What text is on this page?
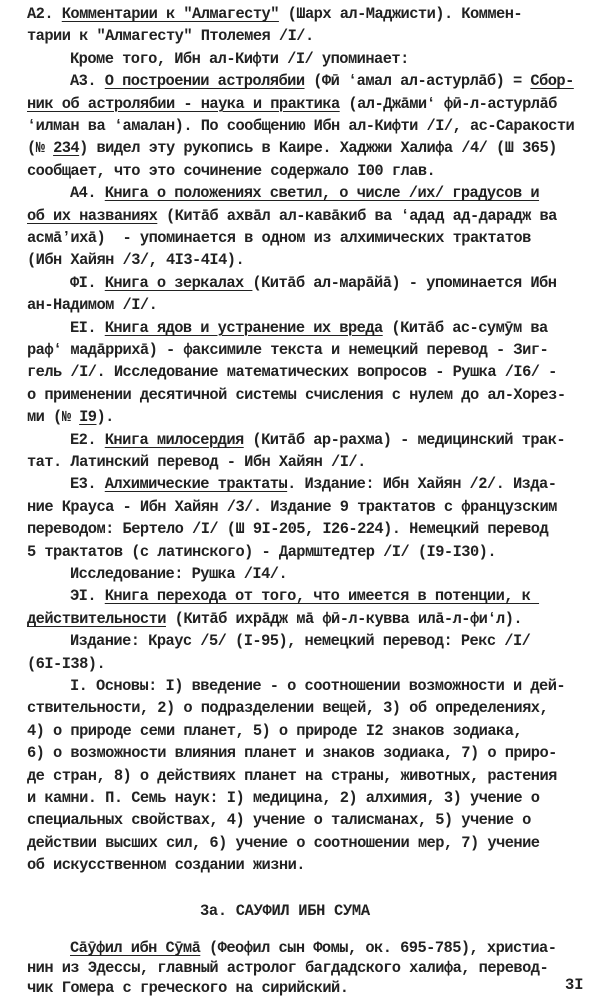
А2. Комментарии к "Алмагесту" (Шарх ал-Маджисти). Коммен-
тарии к "Алмагесту" Птолемея /I/.
Кроме того, Ибн ал-Кифти /I/ упоминает:
А3. О построении астролябии (Фӣ ʻамал ал-астурлāб) = Сбор-
ник об астролябии - наука и практика (ал-Джāмиʻ фӣ-л-астурлāб
ʻилман ва ʻамалан). По сообщению Ибн ал-Кифти /I/, ас-Саракости
(№ 234) видел эту рукопись в Каире. Хаджжи Халифа /4/ (Ш 365)
сообщает, что это сочинение содержало I00 глав.
А4. Книга о положениях светил, о числе /их/ градусов и
об их названиях (Китāб ахвāл ал-кавāкиб ва ʻадад ад-дарадж ва
асмāʼихā)  - упоминается в одном из алхимических трактатов
(Ибн Хайян /3/, 4I3-4I4).
ФI. Книга о зеркалах (Китāб ал-марāйā) - упоминается Ибн
ан-Надимом /I/.
ЕI. Книга ядов и устранение их вреда (Китāб ас-сумӯм ва
рафʻ мадāррихā) - факсимиле текста и немецкий перевод - Зиг-
гель /I/. Исследование математических вопросов - Рушка /I6/ -
о применении десятичной системы счисления с нулем до ал-Хорез-
ми (№ I9).
Е2. Книга милосердия (Китāб ар-рахма) - медицинский трак-
тат. Латинский перевод - Ибн Хайян /I/.
Е3. Алхимические трактаты. Издание: Ибн Хайян /2/. Изда-
ние Крауса - Ибн Хайян /3/. Издание 9 трактатов с французским
переводом: Бертело /I/ (Ш 9I-205, I26-224). Немецкий перевод
5 трактатов (с латинского) - Дармштедтер /I/ (I9-I30).
Исследование: Рушка /I4/.
ЭI. Книга перехода от того, что имеется в потенции, к
действительности (Китāб ихрāдж мā фӣ-л-кувва илā-л-фиʻл).
Издание: Краус /5/ (I-95), немецкий перевод: Рекс /I/
(6I-I38).
I. Основы: I) введение - о соотношении возможности и дей-
ствительности, 2) о подразделении вещей, 3) об определениях,
4) о природе семи планет, 5) о природе I2 знаков зодиака,
6) о возможности влияния планет и знаков зодиака, 7) о приро-
де стран, 8) о действиях планет на страны, животных, растения
и камни. П. Семь наук: I) медицина, 2) алхимия, 3) учение о
специальных свойствах, 4) учение о талисманах, 5) учение о
действии высших сил, 6) учение о соотношении мер, 7) учение
об искусственном создании жизни.
3а. САУФИЛ ИБН СУМА
Сāӯфил ибн Сӯмā (Феофил сын Фомы, ок. 695-785), христиа-
нин из Эдессы, главный астролог багдадского халифа, перевод-
чик Гомера с греческого на сирийский.	3I
